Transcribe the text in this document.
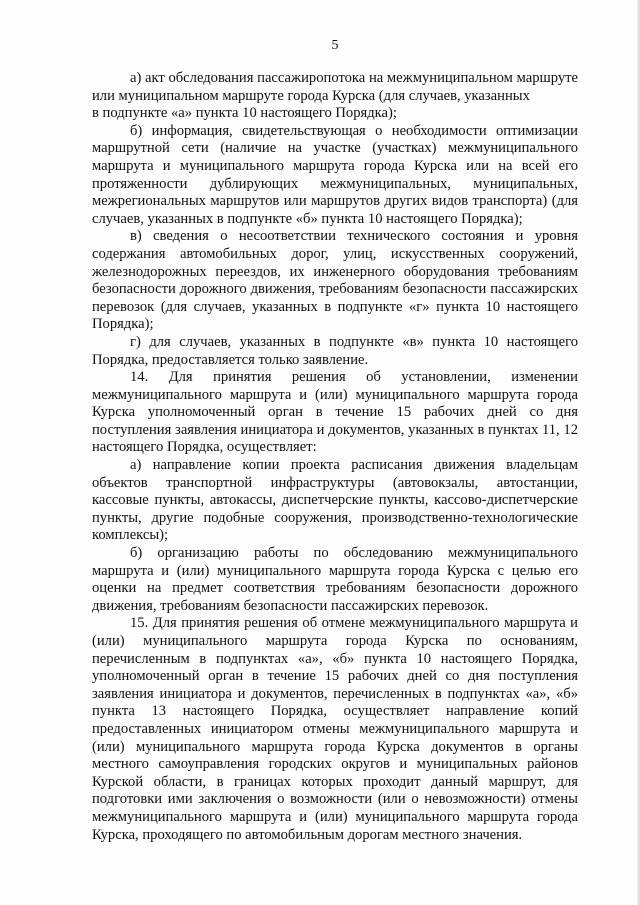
5

а) акт обследования пассажиропотока на межмуниципальном маршруте или муниципальном маршруте города Курска (для случаев, указанных

в подпункте «а» пункта 10 настоящего Порядка);

б) информация, свидетельствующая о необходимости оптимизации маршрутной сети (наличие на участке (участках) межмуниципального маршрута и муниципального маршрута города Курска или на всей его протяженности дублирующих межмуниципальных, муниципальных, межрегиональных маршрутов или маршрутов других видов транспорта) (для случаев, указанных в подпункте «б» пункта 10 настоящего Порядка);

в) сведения о несоответствии технического состояния и уровня содержания автомобильных дорог, улиц, искусственных сооружений, железнодорожных переездов, их инженерного оборудования требованиям безопасности дорожного движения, требованиям безопасности пассажирских перевозок (для случаев, указанных в подпункте «г» пункта 10 настоящего Порядка);

г) для случаев, указанных в подпункте «в» пункта 10 настоящего Порядка, предоставляется только заявление.

14. Для принятия решения об установлении, изменении межмуниципального маршрута и (или) муниципального маршрута города Курска уполномоченный орган в течение 15 рабочих дней со дня поступления заявления инициатора и документов, указанных в пунктах 11, 12 настоящего Порядка, осуществляет:

а) направление копии проекта расписания движения владельцам объектов транспортной инфраструктуры (автовокзалы, автостанции, кассовые пункты, автокассы, диспетчерские пункты, кассово-диспетчерские пункты, другие подобные сооружения, производственно-технологические комплексы);

б) организацию работы по обследованию межмуниципального маршрута и (или) муниципального маршрута города Курска с целью его оценки на предмет соответствия требованиям безопасности дорожного движения, требованиям безопасности пассажирских перевозок.

15. Для принятия решения об отмене межмуниципального маршрута и (или) муниципального маршрута города Курска по основаниям, перечисленным в подпунктах «а», «б» пункта 10 настоящего Порядка, уполномоченный орган в течение 15 рабочих дней со дня поступления заявления инициатора и документов, перечисленных в подпунктах «а», «б» пункта 13 настоящего Порядка, осуществляет направление копий предоставленных инициатором отмены межмуниципального маршрута и (или) муниципального маршрута города Курска документов в органы местного самоуправления городских округов и муниципальных районов Курской области, в границах которых проходит данный маршрут, для подготовки ими заключения о возможности (или о невозможности) отмены межмуниципального маршрута и (или) муниципального маршрута города Курска, проходящего по автомобильным дорогам местного значения.
